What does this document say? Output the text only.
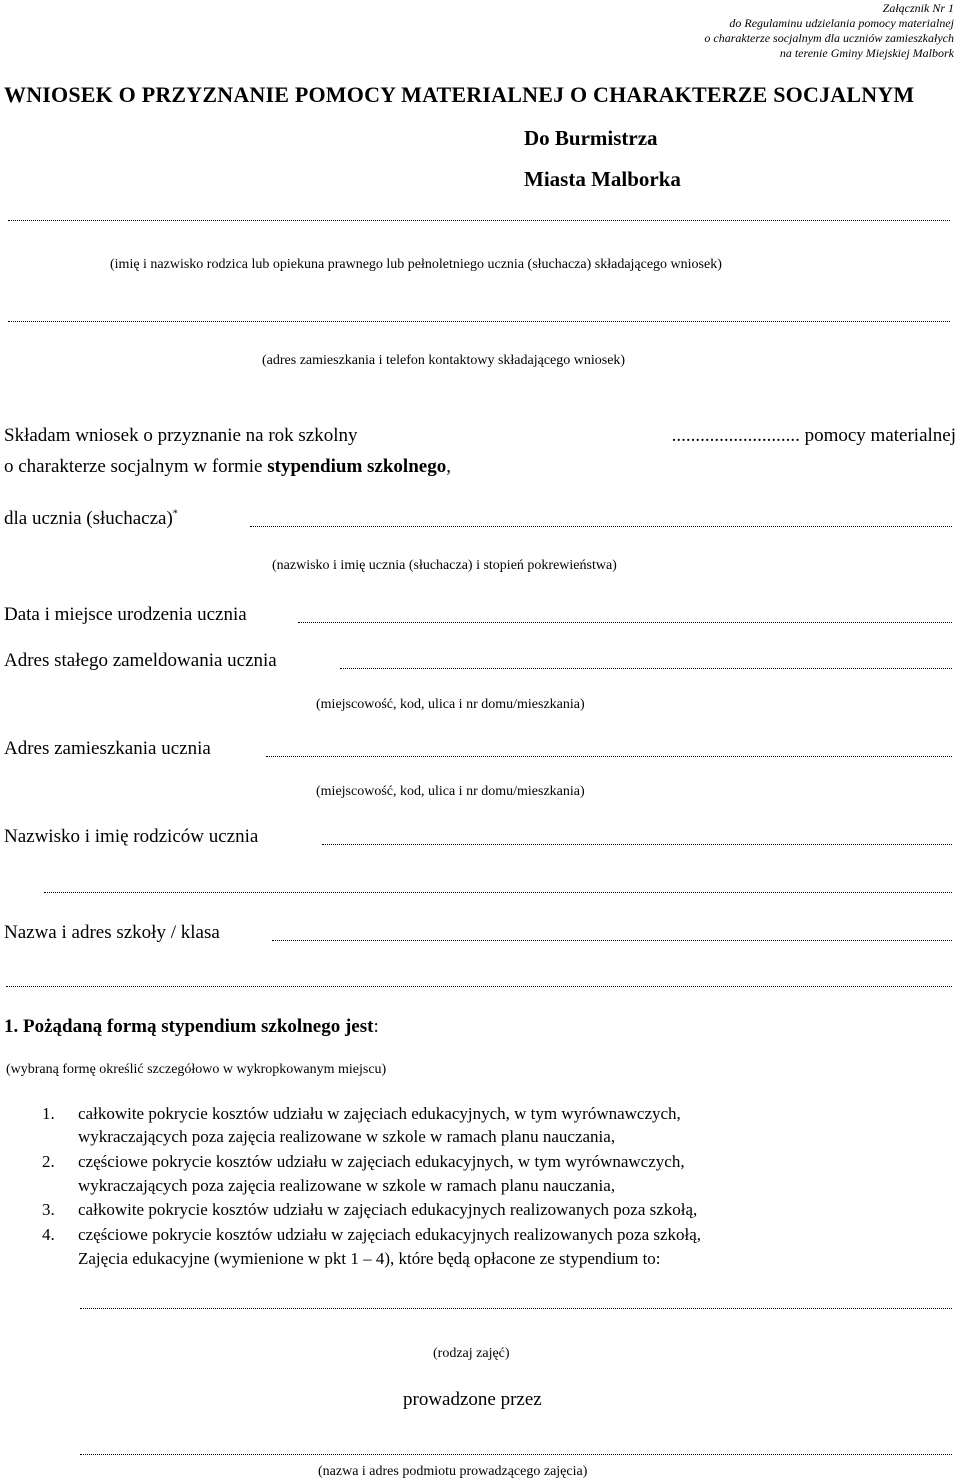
Załącznik Nr 1
do Regulaminu udzielania pomocy materialnej
o charakterze socjalnym dla uczniów zamieszkałych
na terenie Gminy Miejskiej Malbork
WNIOSEK O PRZYZNANIE POMOCY MATERIALNEJ O CHARAKTERZE SOCJALNYM
Do Burmistrza
Miasta Malborka
(imię i nazwisko rodzica lub opiekuna prawnego lub pełnoletniego ucznia (słuchacza) składającego wniosek)
(adres zamieszkania i telefon kontaktowy składającego wniosek)
Składam wniosek o przyznanie na rok szkolny	........................... pomocy materialnej
o charakterze socjalnym w formie stypendium szkolnego,
dla ucznia (słuchacza)*
(nazwisko i imię ucznia (słuchacza) i stopień pokrewieństwa)
Data i miejsce urodzenia ucznia
Adres stałego zameldowania ucznia
(miejscowość, kod, ulica i nr domu/mieszkania)
Adres zamieszkania ucznia
(miejscowość, kod, ulica i nr domu/mieszkania)
Nazwisko i imię rodziców ucznia
Nazwa i adres szkoły / klasa
1. Pożądaną formą stypendium szkolnego jest:
(wybraną formę określić szczegółowo w wykropkowanym miejscu)
1. całkowite pokrycie kosztów udziału w zajęciach edukacyjnych, w tym wyrównawczych,
wykraczających poza zajęcia realizowane w szkole w ramach planu nauczania,
2. częściowe pokrycie kosztów udziału w zajęciach edukacyjnych, w tym wyrównawczych,
wykraczających poza zajęcia realizowane w szkole w ramach planu nauczania,
3. całkowite pokrycie kosztów udziału w zajęciach edukacyjnych realizowanych poza szkołą,
4. częściowe pokrycie kosztów udziału w zajęciach edukacyjnych realizowanych poza szkołą,
Zajęcia edukacyjne (wymienione w pkt 1 – 4), które będą opłacone ze stypendium to:
(rodzaj zajęć)
prowadzone przez
(nazwa i adres podmiotu prowadzącego zajęcia)
